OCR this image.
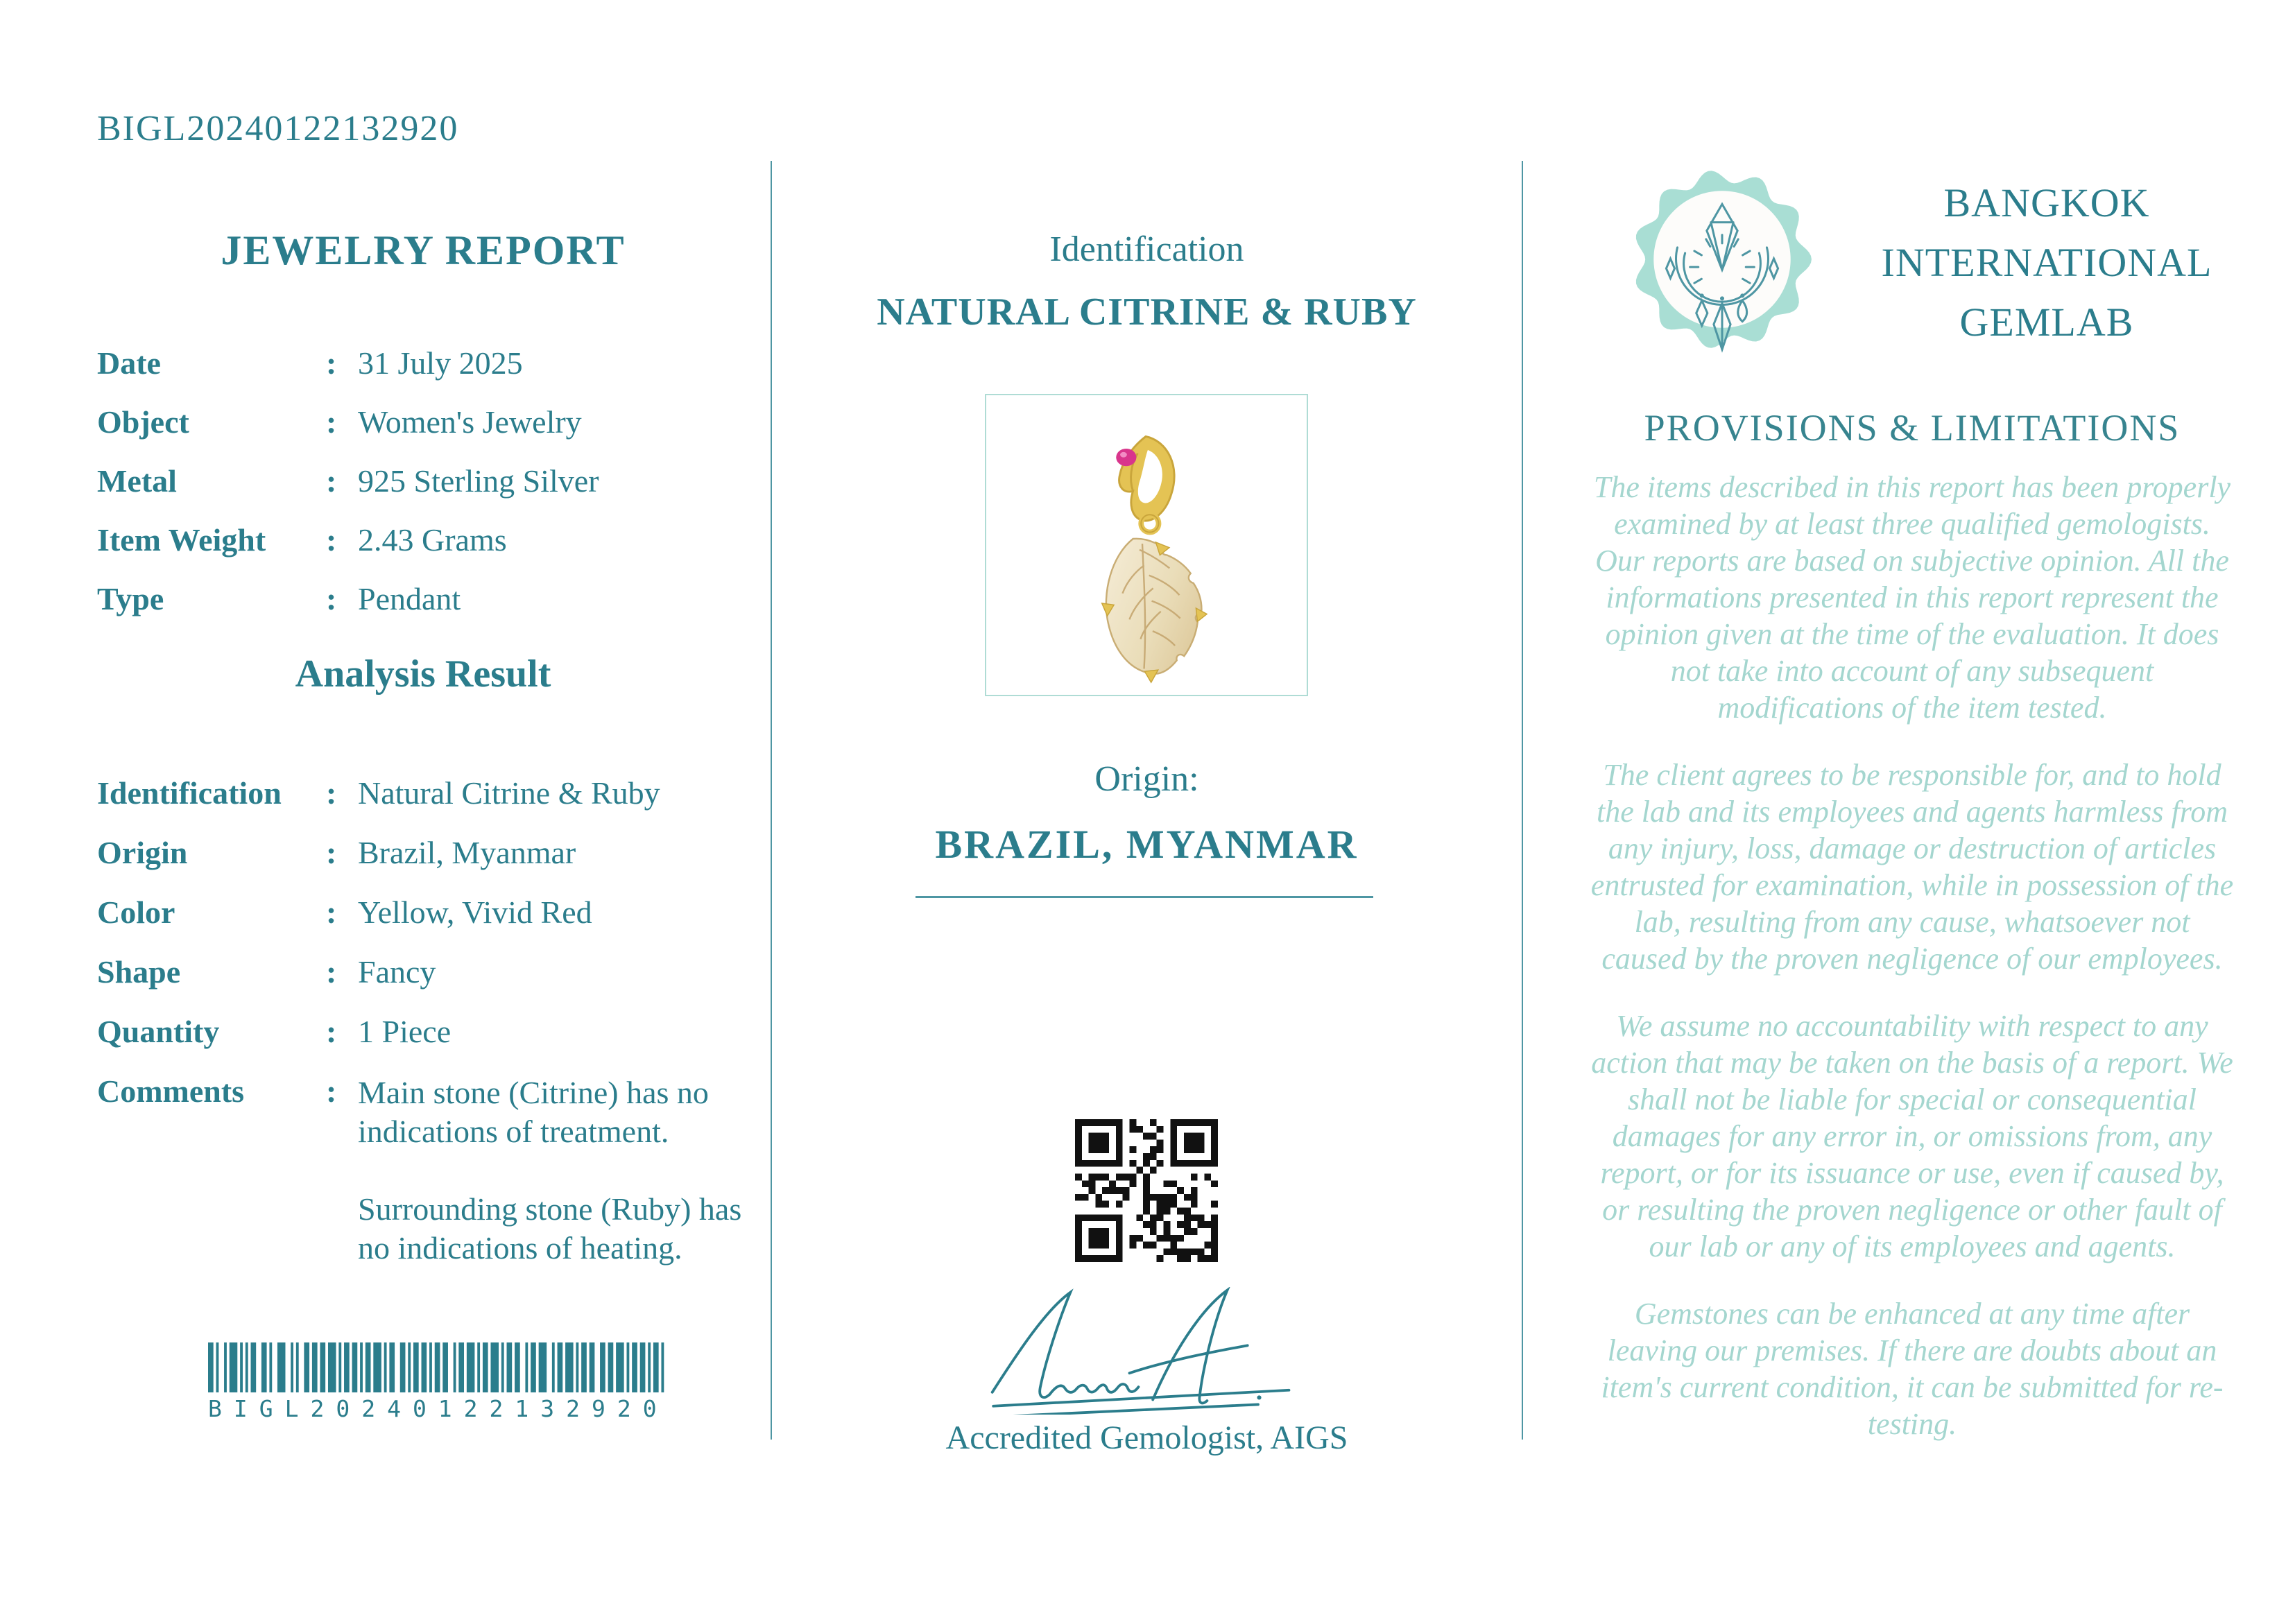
BIGL20240122132920
JEWELRY REPORT
Date	: 31 July 2025
Object	: Women's Jewelry
Metal	: 925 Sterling Silver
Item Weight	: 2.43 Grams
Type	: Pendant
Analysis Result
Identification	: Natural Citrine & Ruby
Origin	: Brazil, Myanmar
Color	: Yellow, Vivid Red
Shape	: Fancy
Quantity	: 1 Piece
Comments	: Main stone (Citrine) has no indications of treatment.
Surrounding stone (Ruby) has no indications of heating.
BIGL20240122132920

Identification

NATURAL CITRINE & RUBY

Origin:

BRAZIL, MYANMAR

Accredited Gemologist, AIGS

BANGKOK
INTERNATIONAL
GEMLAB
PROVISIONS & LIMITATIONS

The items described in this report has been properly examined by at least three qualified gemologists. Our reports are based on subjective opinion. All the informations presented in this report represent the opinion given at the time of the evaluation. It does not take into account of any subsequent modifications of the item tested.

The client agrees to be responsible for, and to hold the lab and its employees and agents harmless from any injury, loss, damage or destruction of articles entrusted for examination, while in possession of the lab, resulting from any cause, whatsoever not caused by the proven negligence of our employees.

We assume no accountability with respect to any action that may be taken on the basis of a report. We shall not be liable for special or consequential damages for any error in, or omissions from, any report, or for its issuance or use, even if caused by, or resulting the proven negligence or other fault of our lab or any of its employees and agents.

Gemstones can be enhanced at any time after leaving our premises. If there are doubts about an item's current condition, it can be submitted for re-testing.
